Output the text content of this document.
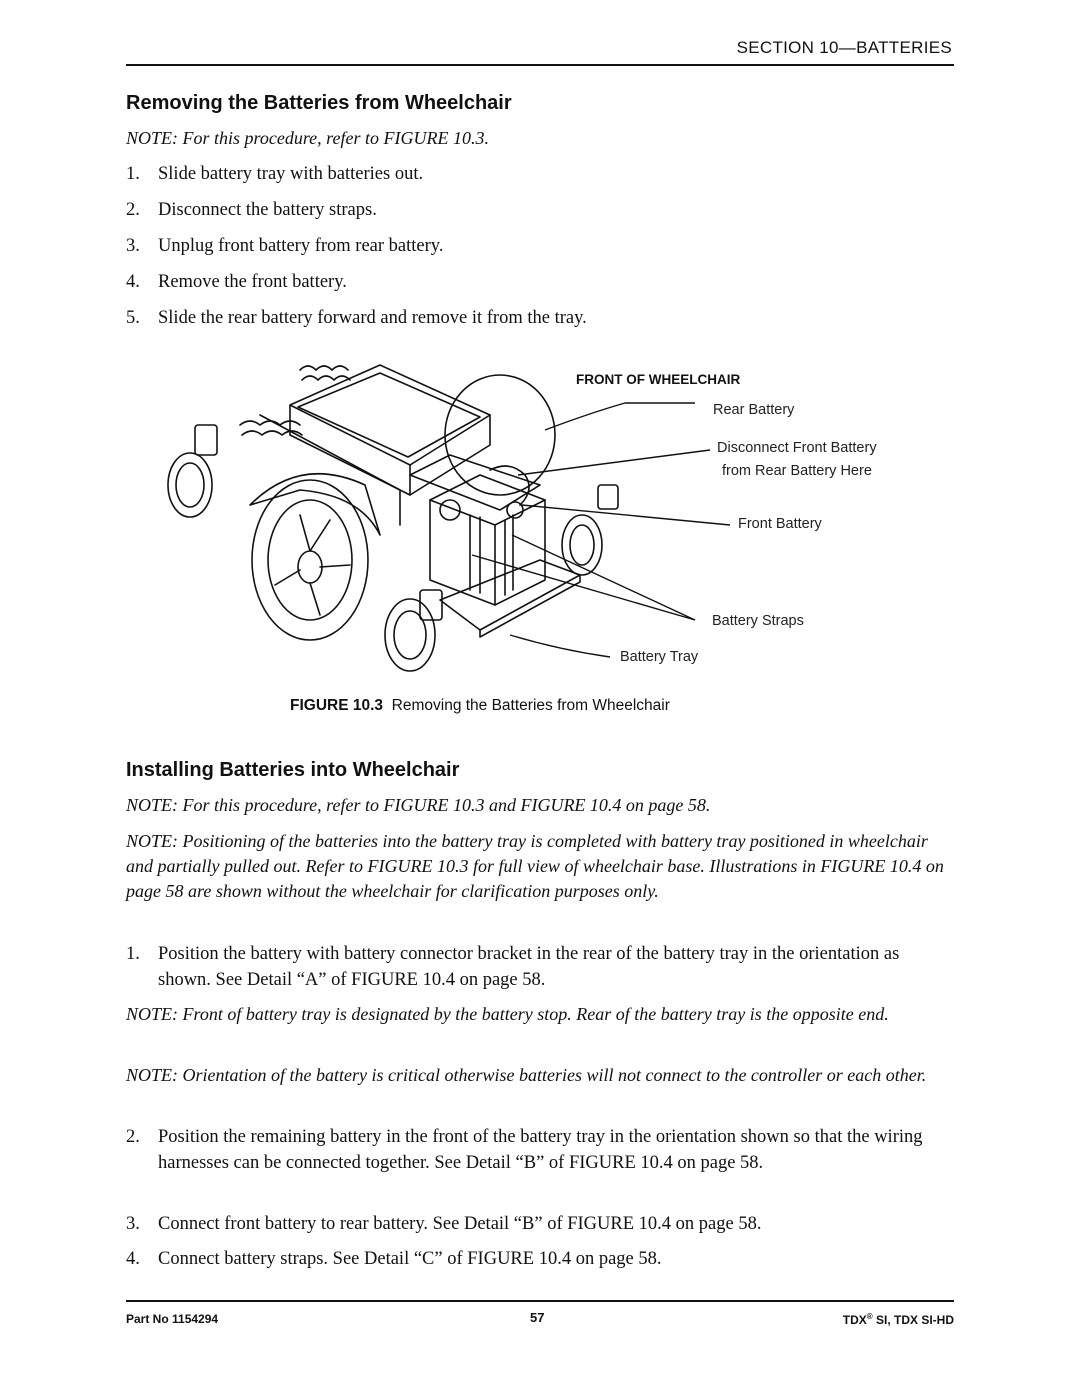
SECTION 10—BATTERIES
Removing the Batteries from Wheelchair
NOTE: For this procedure, refer to FIGURE 10.3.
1. Slide battery tray with batteries out.
2. Disconnect the battery straps.
3. Unplug front battery from rear battery.
4. Remove the front battery.
5. Slide the rear battery forward and remove it from the tray.
FRONT OF WHEELCHAIR
Rear Battery
Disconnect Front Battery
from Rear Battery Here
Front Battery
Battery Straps
Battery Tray
FIGURE 10.3 Removing the Batteries from Wheelchair
Installing Batteries into Wheelchair
NOTE: For this procedure, refer to FIGURE 10.3 and FIGURE 10.4 on page 58.
NOTE: Positioning of the batteries into the battery tray is completed with battery tray positioned in wheelchair and partially pulled out. Refer to FIGURE 10.3 for full view of wheelchair base. Illustrations in FIGURE 10.4 on page 58 are shown without the wheelchair for clarification purposes only.
1. Position the battery with battery connector bracket in the rear of the battery tray in the orientation as shown. See Detail “A” of FIGURE 10.4 on page 58.
NOTE: Front of battery tray is designated by the battery stop. Rear of the battery tray is the opposite end.
NOTE: Orientation of the battery is critical otherwise batteries will not connect to the controller or each other.
2. Position the remaining battery in the front of the battery tray in the orientation shown so that the wiring harnesses can be connected together. See Detail “B” of FIGURE 10.4 on page 58.
3. Connect front battery to rear battery. See Detail “B” of FIGURE 10.4 on page 58.
4. Connect battery straps. See Detail “C” of FIGURE 10.4 on page 58.
Part No 1154294	57	TDX® SI, TDX SI-HD
